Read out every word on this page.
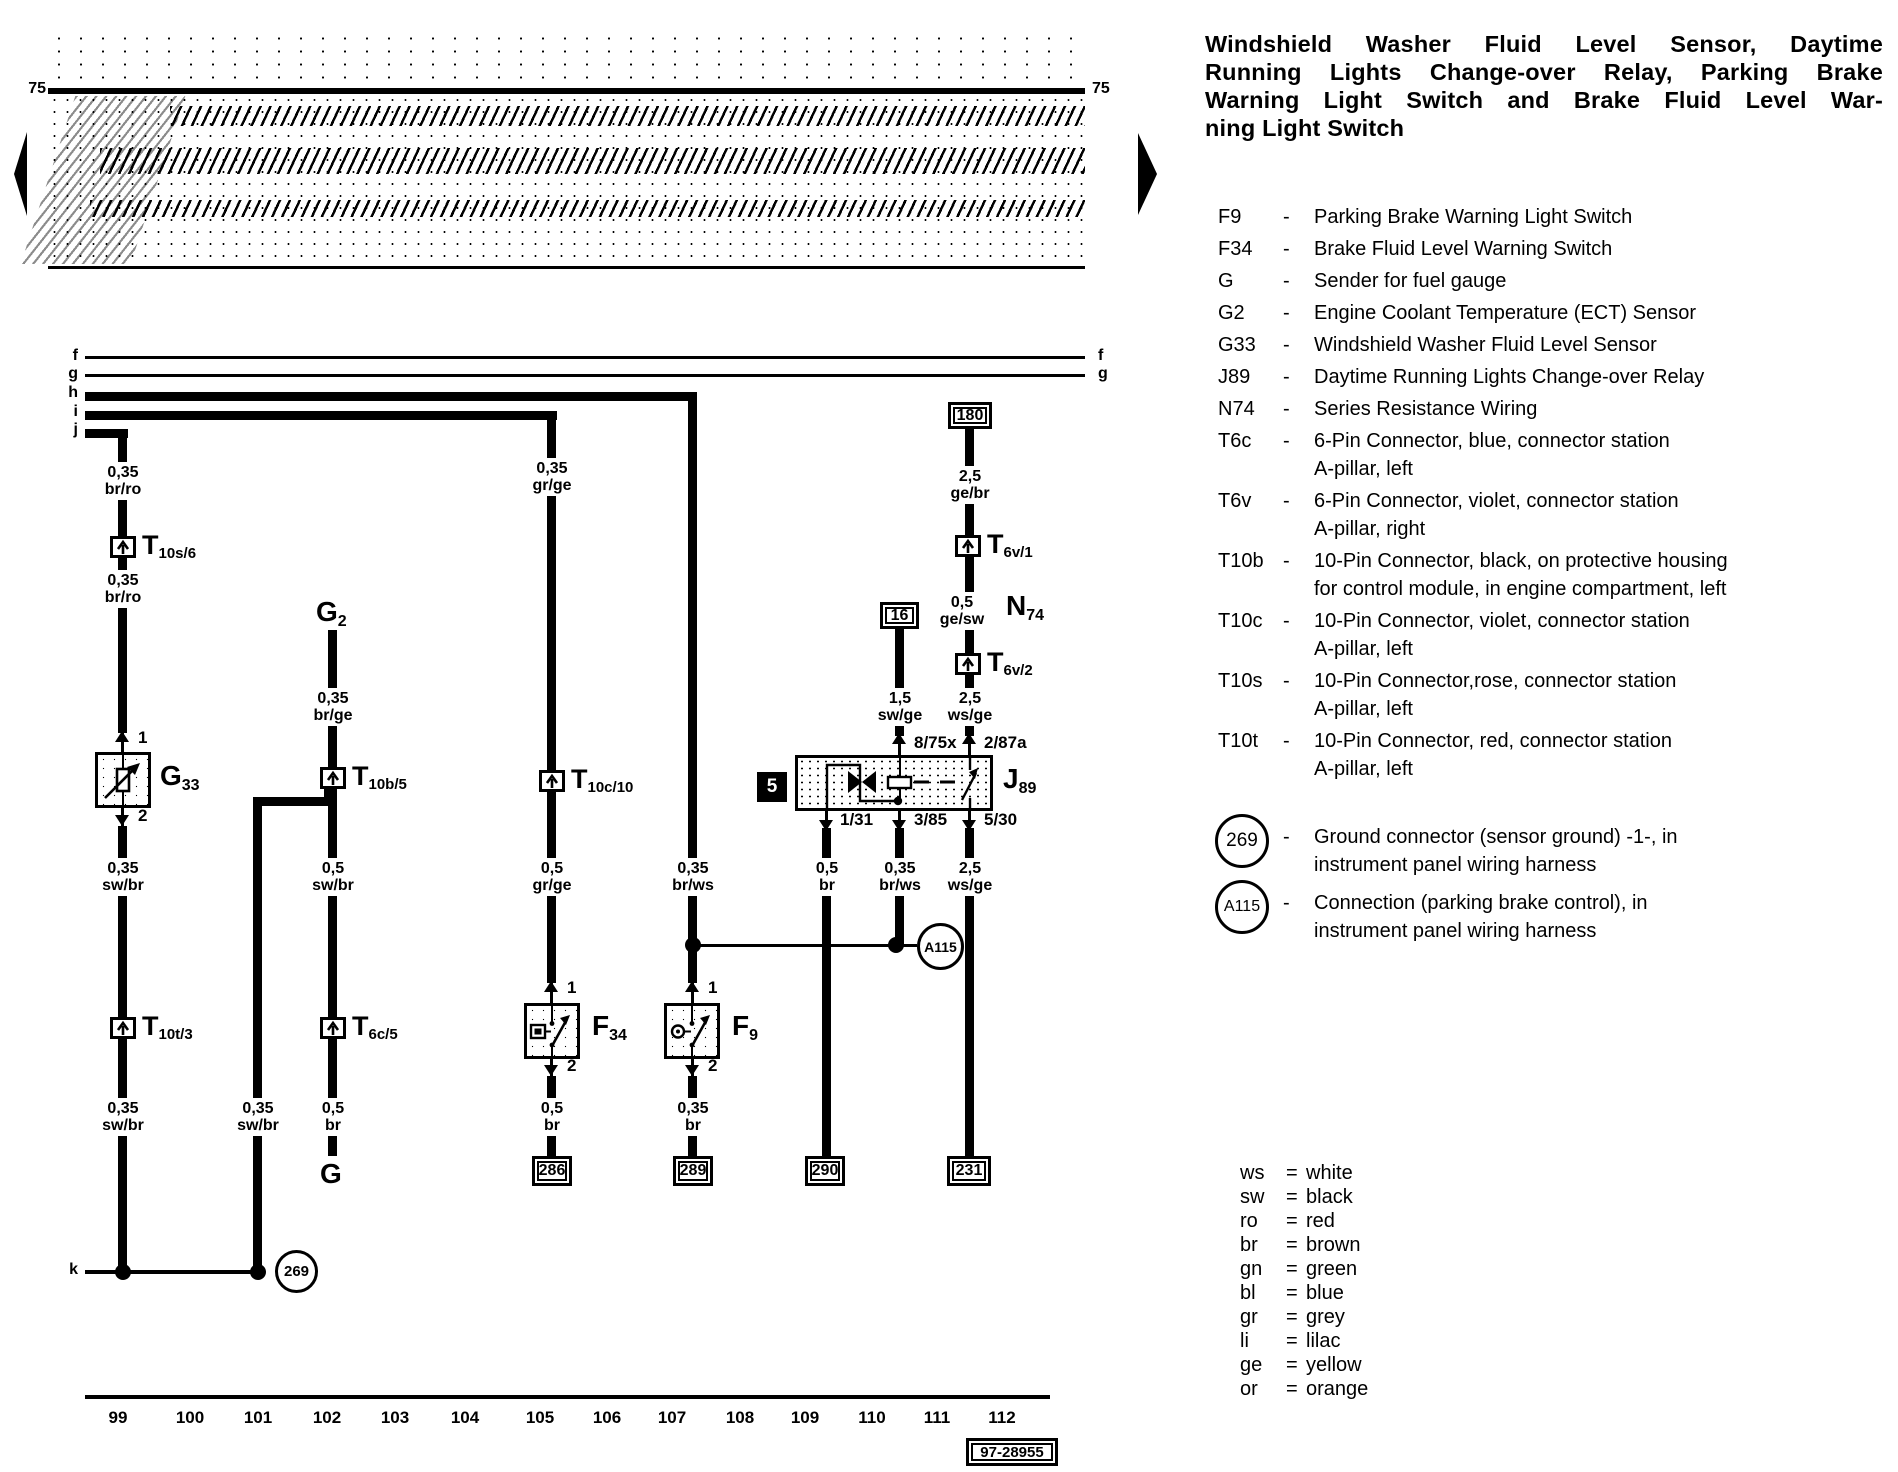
75	75
f
g
h
i
j
f
g
k
0,35
br/ro
0,35
br/ro
0,35
sw/br
0,35
sw/br
0,35
sw/br
0,35
br/ge
0,5
sw/br
0,5
br
0,35
gr/ge
0,5
gr/ge
0,5
br
0,35
br/ws
0,35
br
0,5
br
1,5
sw/ge
0,35
br/ws
2,5
ge/br
0,5
ge/sw
2,5
ws/ge
2,5
ws/ge
T10s/6
T10t/3
T10b/5
T6c/5
T10c/10
T6v/1
T6v/2
1
G33
2
G2
G
1
F34
2
1
F9
2
8/75x 2/87a
5	J89
1/31 3/85 5/30
N74
180
16
286	289	290	231
269
A115
99	100 101 102 103 104	105 106 107 108 109 110 111 112
97-28955
Windshield Washer Fluid Level Sensor, Daytime
Running Lights Change-over Relay, Parking Brake
Warning Light Switch and Brake Fluid Level War-
ning Light Switch
F9 - Parking Brake Warning Light Switch
F34 - Brake Fluid Level Warning Switch
G - Sender for fuel gauge
G2 - Engine Coolant Temperature (ECT) Sensor
G33 - Windshield Washer Fluid Level Sensor
J89 - Daytime Running Lights Change-over Relay
N74 - Series Resistance Wiring
T6c - 6-Pin Connector, blue, connector station
A-pillar, left
T6v - 6-Pin Connector, violet, connector station
A-pillar, right
T10b - 10-Pin Connector, black, on protective housing
for control module, in engine compartment, left
T10c - 10-Pin Connector, violet, connector station
A-pillar, left
T10s - 10-Pin Connector,rose, connector station
A-pillar, left
T10t - 10-Pin Connector, red, connector station
A-pillar, left
269	- Ground connector (sensor ground) -1-, in
instrument panel wiring harness
A115	- Connection (parking brake control), in
instrument panel wiring harness
ws = white
sw = black
ro = red
br = brown
gn = green
bl = blue
gr = grey
li = lilac
ge = yellow
or = orange
